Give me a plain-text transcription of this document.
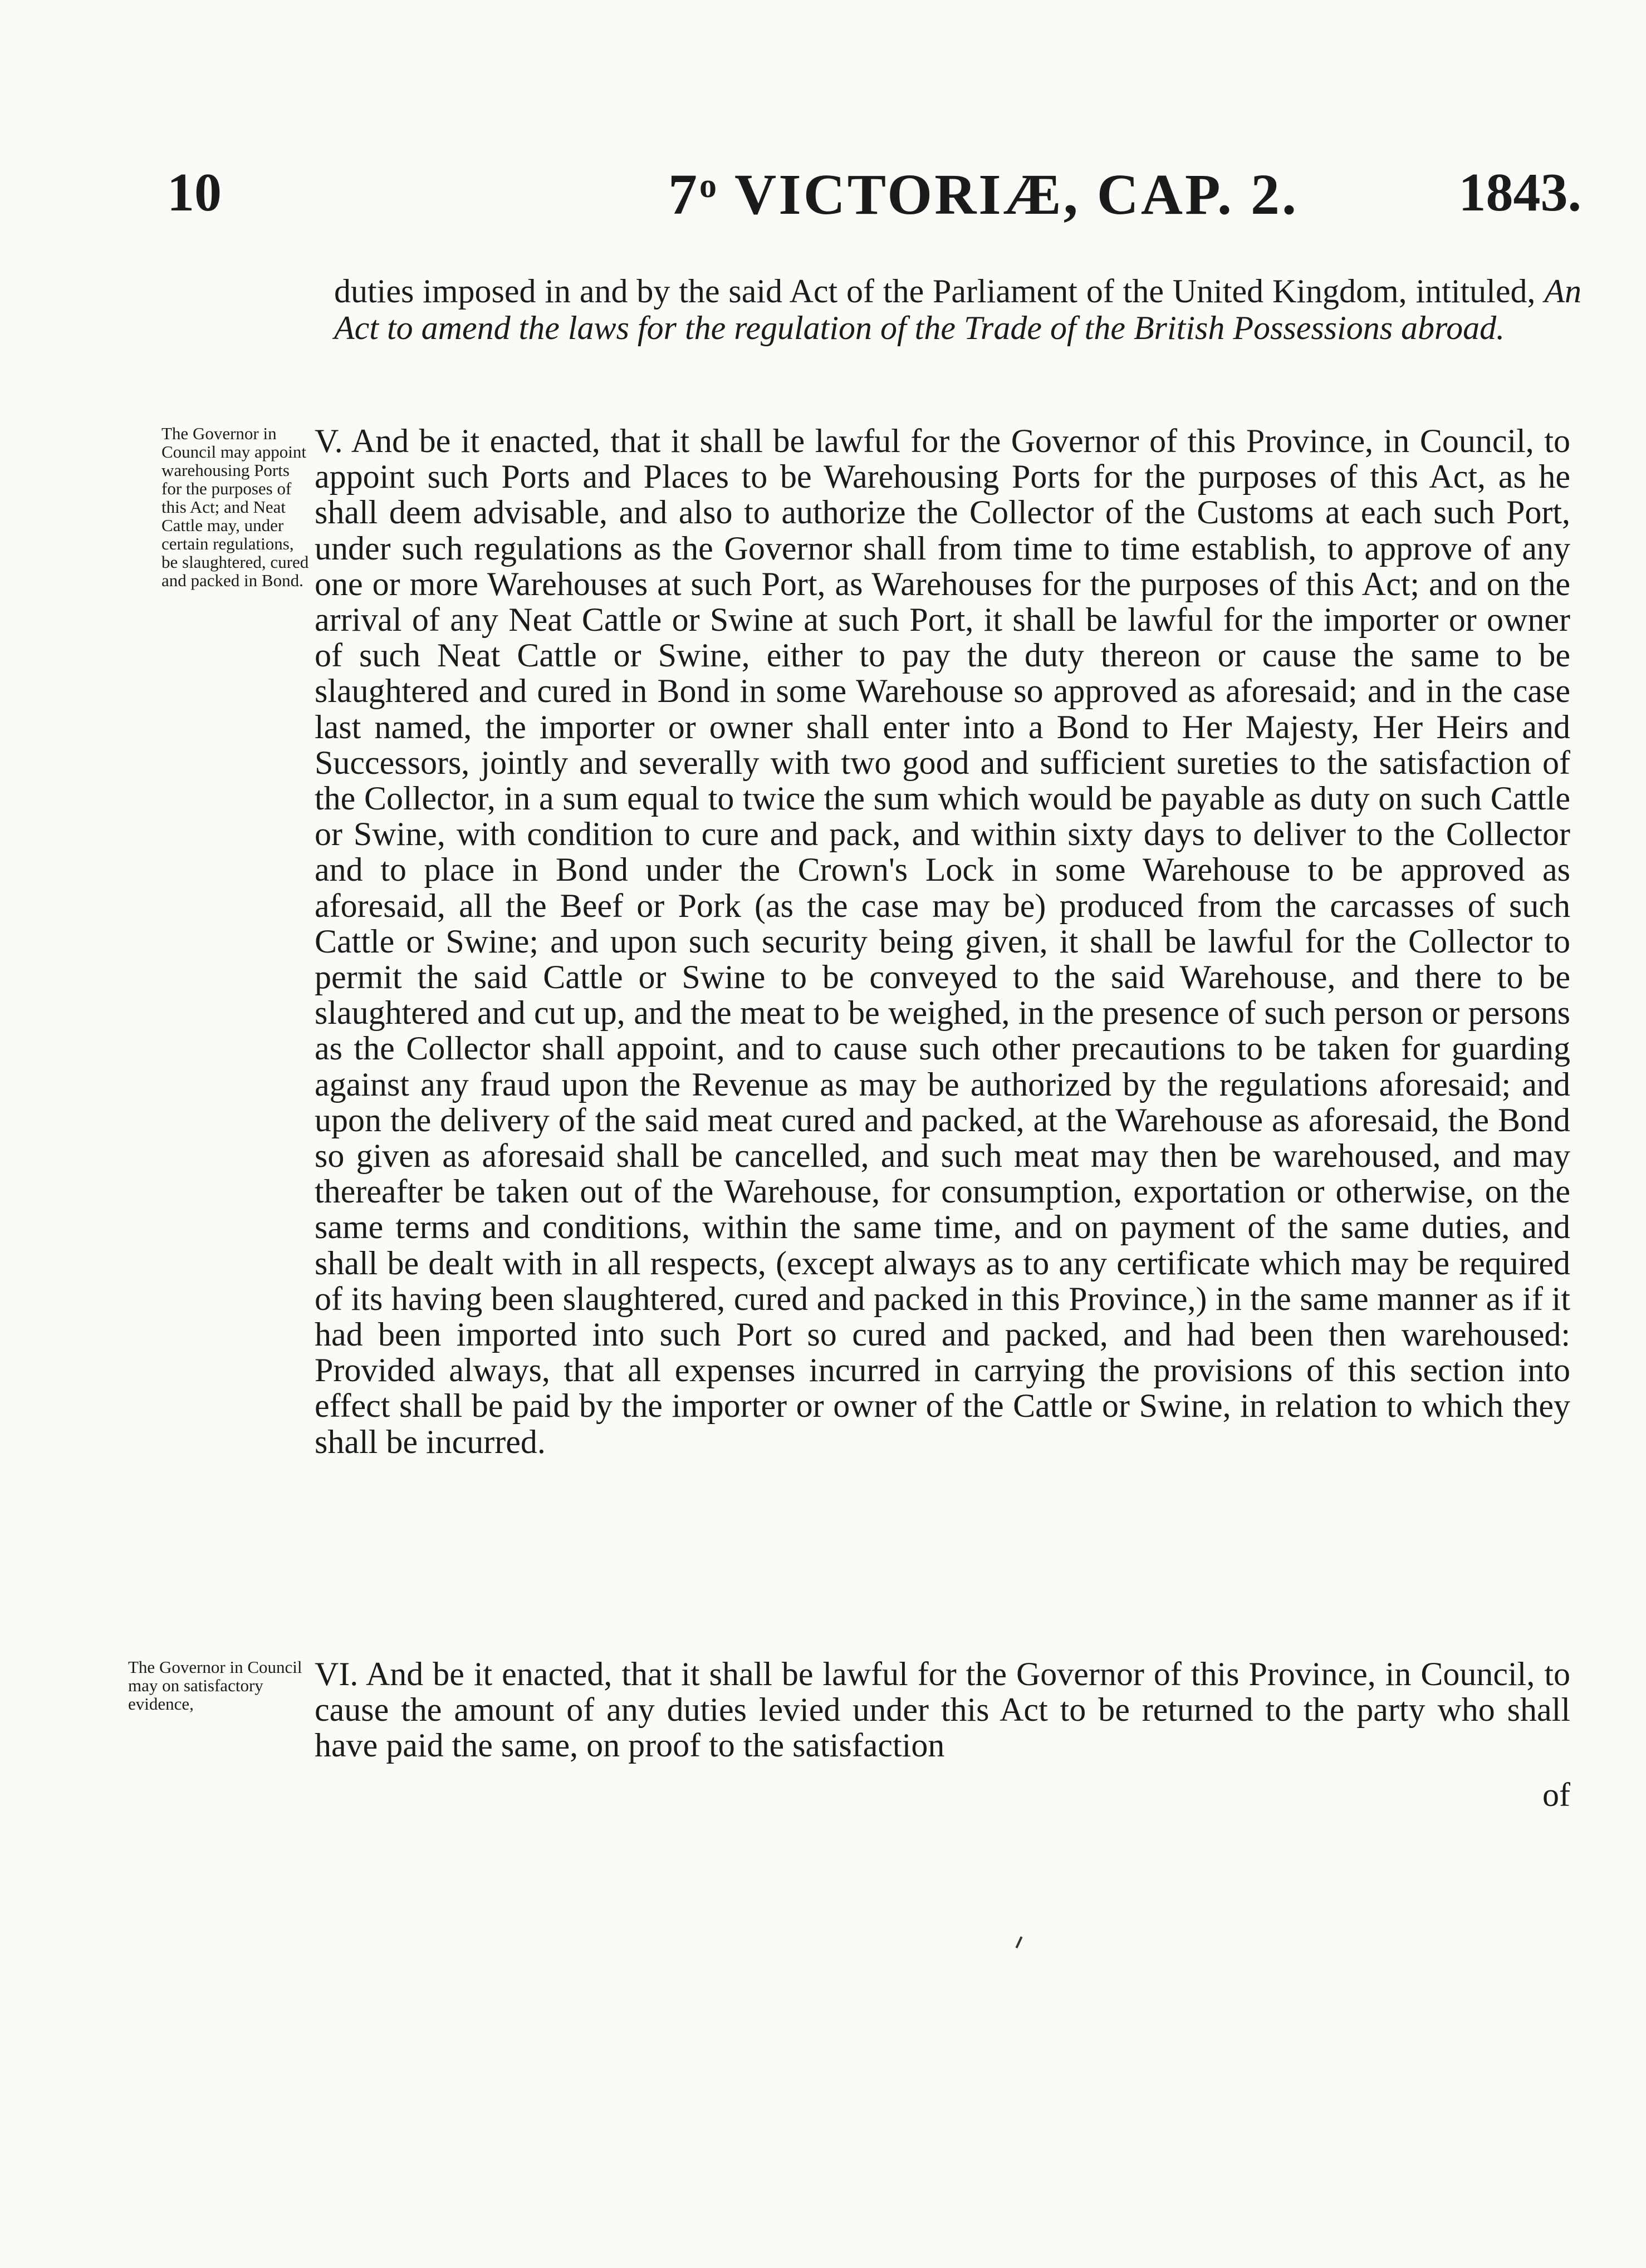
10	7$^o$ VICTORIÆ, CAP. 2.	1843.

duties imposed in and by the said Act of the Parliament of the United Kingdom, intituled, An Act to amend the laws for the regulation of the Trade of the British Possessions abroad.

The Governor in Council may appoint warehousing Ports for the purposes of this Act; and Neat Cattle may, under certain regulations, be slaughtered, cured and packed in Bond.

V. And be it enacted, that it shall be lawful for the Governor of this Province, in Council, to appoint such Ports and Places to be Warehousing Ports for the purposes of this Act, as he shall deem advisable, and also to authorize the Collector of the Customs at each such Port, under such regulations as the Governor shall from time to time establish, to approve of any one or more Warehouses at such Port, as Warehouses for the purposes of this Act; and on the arrival of any Neat Cattle or Swine at such Port, it shall be lawful for the importer or owner of such Neat Cattle or Swine, either to pay the duty thereon or cause the same to be slaughtered and cured in Bond in some Warehouse so approved as aforesaid; and in the case last named, the importer or owner shall enter into a Bond to Her Majesty, Her Heirs and Successors, jointly and severally with two good and sufficient sureties to the satisfaction of the Collector, in a sum equal to twice the sum which would be payable as duty on such Cattle or Swine, with condition to cure and pack, and within sixty days to deliver to the Collector and to place in Bond under the Crown's Lock in some Warehouse to be approved as aforesaid, all the Beef or Pork (as the case may be) produced from the carcasses of such Cattle or Swine; and upon such security being given, it shall be lawful for the Collector to permit the said Cattle or Swine to be conveyed to the said Warehouse, and there to be slaughtered and cut up, and the meat to be weighed, in the presence of such person or persons as the Collector shall appoint, and to cause such other precautions to be taken for guarding against any fraud upon the Revenue as may be authorized by the regulations aforesaid; and upon the delivery of the said meat cured and packed, at the Warehouse as aforesaid, the Bond so given as aforesaid shall be cancelled, and such meat may then be warehoused, and may thereafter be taken out of the Warehouse, for consumption, exportation or otherwise, on the same terms and conditions, within the same time, and on payment of the same duties, and shall be dealt with in all respects, (except always as to any certificate which may be required of its having been slaughtered, cured and packed in this Province,) in the same manner as if it had been imported into such Port so cured and packed, and had been then warehoused: Provided always, that all expenses incurred in carrying the provisions of this section into effect shall be paid by the importer or owner of the Cattle or Swine, in relation to which they shall be incurred.

The Governor in Council may on satisfactory evidence,

VI. And be it enacted, that it shall be lawful for the Governor of this Province, in Council, to cause the amount of any duties levied under this Act to be returned to the party who shall have paid the same, on proof to the satisfaction

of
